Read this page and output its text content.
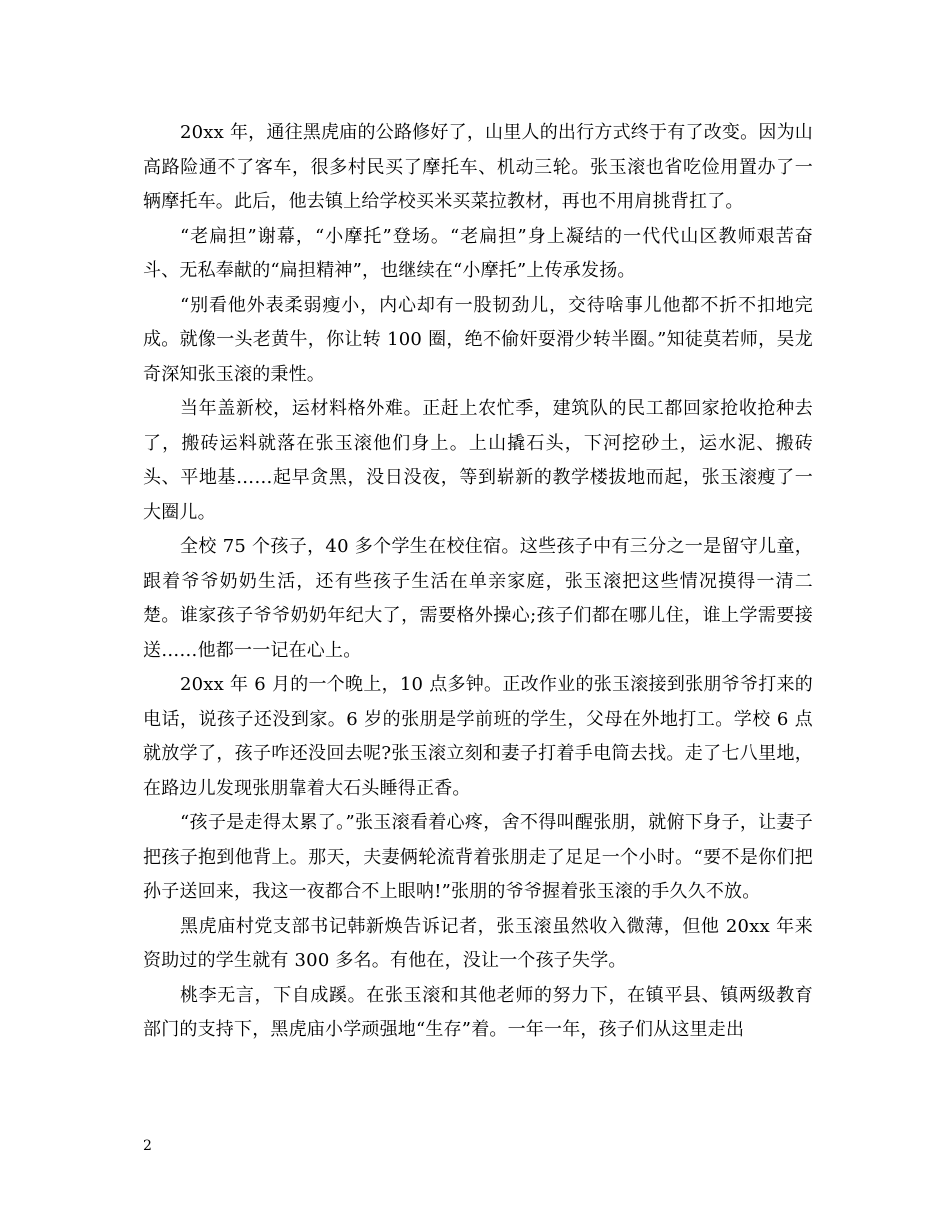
20xx 年，通往黑虎庙的公路修好了，山里人的出行方式终于有了改变。因为山高路险通不了客车，很多村民买了摩托车、机动三轮。张玉滚也省吃俭用置办了一辆摩托车。此后，他去镇上给学校买米买菜拉教材，再也不用肩挑背扛了。

“老扁担”谢幕，“小摩托”登场。“老扁担”身上凝结的一代代山区教师艰苦奋斗、无私奉献的“扁担精神”，也继续在“小摩托”上传承发扬。

“别看他外表柔弱瘦小，内心却有一股韧劲儿，交待啥事儿他都不折不扣地完成。就像一头老黄牛，你让转 100 圈，绝不偷奸耍滑少转半圈。”知徒莫若师，吴龙奇深知张玉滚的秉性。

当年盖新校，运材料格外难。正赶上农忙季，建筑队的民工都回家抢收抢种去了，搬砖运料就落在张玉滚他们身上。上山撬石头，下河挖砂土，运水泥、搬砖头、平地基……起早贪黑，没日没夜，等到崭新的教学楼拔地而起，张玉滚瘦了一大圈儿。

全校 75 个孩子，40 多个学生在校住宿。这些孩子中有三分之一是留守儿童，跟着爷爷奶奶生活，还有些孩子生活在单亲家庭，张玉滚把这些情况摸得一清二楚。谁家孩子爷爷奶奶年纪大了，需要格外操心;孩子们都在哪儿住，谁上学需要接送……他都一一记在心上。

20xx 年 6 月的一个晚上，10 点多钟。正改作业的张玉滚接到张朋爷爷打来的电话，说孩子还没到家。6 岁的张朋是学前班的学生，父母在外地打工。学校 6 点就放学了，孩子咋还没回去呢?张玉滚立刻和妻子打着手电筒去找。走了七八里地，在路边儿发现张朋靠着大石头睡得正香。

“孩子是走得太累了。”张玉滚看着心疼，舍不得叫醒张朋，就俯下身子，让妻子把孩子抱到他背上。那天，夫妻俩轮流背着张朋走了足足一个小时。“要不是你们把孙子送回来，我这一夜都合不上眼呐!”张朋的爷爷握着张玉滚的手久久不放。

黑虎庙村党支部书记韩新焕告诉记者，张玉滚虽然收入微薄，但他 20xx 年来资助过的学生就有 300 多名。有他在，没让一个孩子失学。

桃李无言，下自成蹊。在张玉滚和其他老师的努力下，在镇平县、镇两级教育部门的支持下，黑虎庙小学顽强地“生存”着。一年一年，孩子们从这里走出

2
